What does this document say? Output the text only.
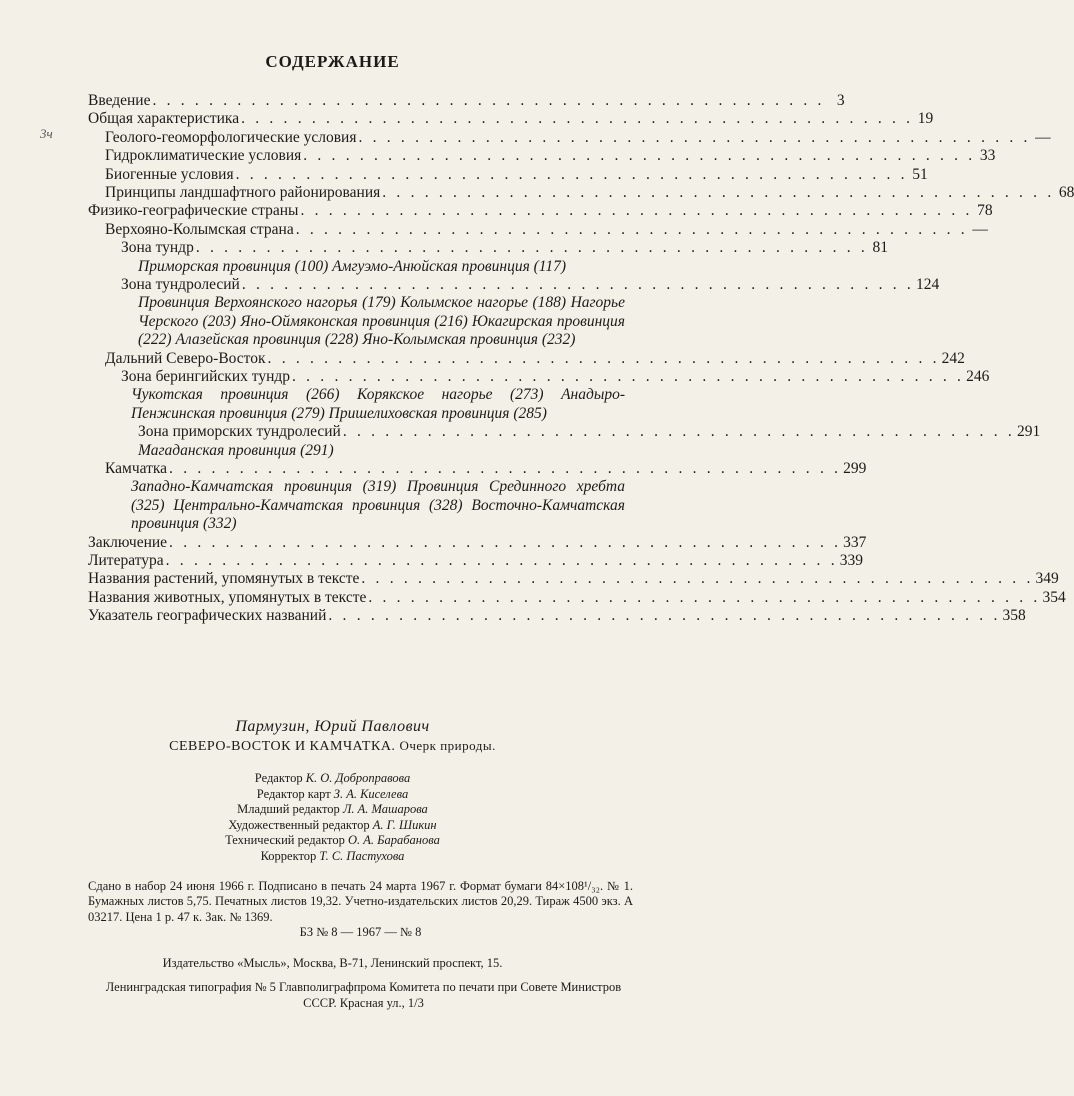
СОДЕРЖАНИЕ
3ч
Введение . . . . . . . . . . . . . . . . . . . . . . . . . . . . . . . . . . . . . . . . . . . . . . . . 3
Общая характеристика . . . . . . . . . . . . . . . . . . . . . . . . . . . . . . . . . . . . . . . . . . . . . . . . 19
Геолого-геоморфологические условия . . . . . . . . . . . . . . . . . . . . . . . . . . . . . . . . . . . . . . . . . . . . . . . . —
Гидроклиматические условия . . . . . . . . . . . . . . . . . . . . . . . . . . . . . . . . . . . . . . . . . . . . . . . . 33
Биогенные условия . . . . . . . . . . . . . . . . . . . . . . . . . . . . . . . . . . . . . . . . . . . . . . . . 51
Принципы ландшафтного районирования . . . . . . . . . . . . . . . . . . . . . . . . . . . . . . . . . . . . . . . . . . . . . . . . 68
Физико-географические страны . . . . . . . . . . . . . . . . . . . . . . . . . . . . . . . . . . . . . . . . . . . . . . . . 78
Верхояно-Колымская страна . . . . . . . . . . . . . . . . . . . . . . . . . . . . . . . . . . . . . . . . . . . . . . . . —
Зона тундр . . . . . . . . . . . . . . . . . . . . . . . . . . . . . . . . . . . . . . . . . . . . . . . . 81
Приморская провинция (100) Амгуэмо-Анюйская провинция (117)
Зона тундролесий . . . . . . . . . . . . . . . . . . . . . . . . . . . . . . . . . . . . . . . . . . . . . . . . 124
Провинция Верхоянского нагорья (179) Колымское нагорье (188) Нагорье Черского (203) Яно-Оймяконская провинция (216) Юкагирская провинция (222) Алазейская провинция (228) Яно-Колымская провинция (232)
Дальний Северо-Восток . . . . . . . . . . . . . . . . . . . . . . . . . . . . . . . . . . . . . . . . . . . . . . . . 242
Зона берингийских тундр . . . . . . . . . . . . . . . . . . . . . . . . . . . . . . . . . . . . . . . . . . . . . . . . 246
Чукотская провинция (266) Корякское нагорье (273) Анадыро-Пенжинская провинция (279) Пришелиховская провинция (285)
Зона приморских тундролесий . . . . . . . . . . . . . . . . . . . . . . . . . . . . . . . . . . . . . . . . . . . . . . . . 291
Магаданская провинция (291)
Камчатка . . . . . . . . . . . . . . . . . . . . . . . . . . . . . . . . . . . . . . . . . . . . . . . . 299
Западно-Камчатская провинция (319) Провинция Срединного хребта (325) Центрально-Камчатская провинция (328) Восточно-Камчатская провинция (332)
Заключение . . . . . . . . . . . . . . . . . . . . . . . . . . . . . . . . . . . . . . . . . . . . . . . . 337
Литература . . . . . . . . . . . . . . . . . . . . . . . . . . . . . . . . . . . . . . . . . . . . . . . . 339
Названия растений, упомянутых в тексте . . . . . . . . . . . . . . . . . . . . . . . . . . . . . . . . . . . . . . . . . . . . . . . . 349
Названия животных, упомянутых в тексте . . . . . . . . . . . . . . . . . . . . . . . . . . . . . . . . . . . . . . . . . . . . . . . . 354
Указатель географических названий . . . . . . . . . . . . . . . . . . . . . . . . . . . . . . . . . . . . . . . . . . . . . . . . 358
Пармузин, Юрий Павлович
СЕВЕРО-ВОСТОК И КАМЧАТКА. Очерк природы.
Редактор К. О. Доброправова
Редактор карт З. А. Киселева
Младший редактор Л. А. Машарова
Художественный редактор А. Г. Шикин
Технический редактор О. А. Барабанова
Корректор Т. С. Пастухова
Сдано в набор 24 июня 1966 г. Подписано в печать 24 марта 1967 г. Формат бумаги 84×108¹/₃₂. № 1. Бумажных листов 5,75. Печатных листов 19,32. Учетно-издательских листов 20,29. Тираж 4500 экз. А 03217. Цена 1 р. 47 к. Зак. № 1369.
БЗ № 8 — 1967 — № 8
Издательство «Мысль», Москва, В-71, Ленинский проспект, 15.
Ленинградская типография № 5 Главполиграфпрома Комитета по печати при Совете Министров СССР. Красная ул., 1/3
